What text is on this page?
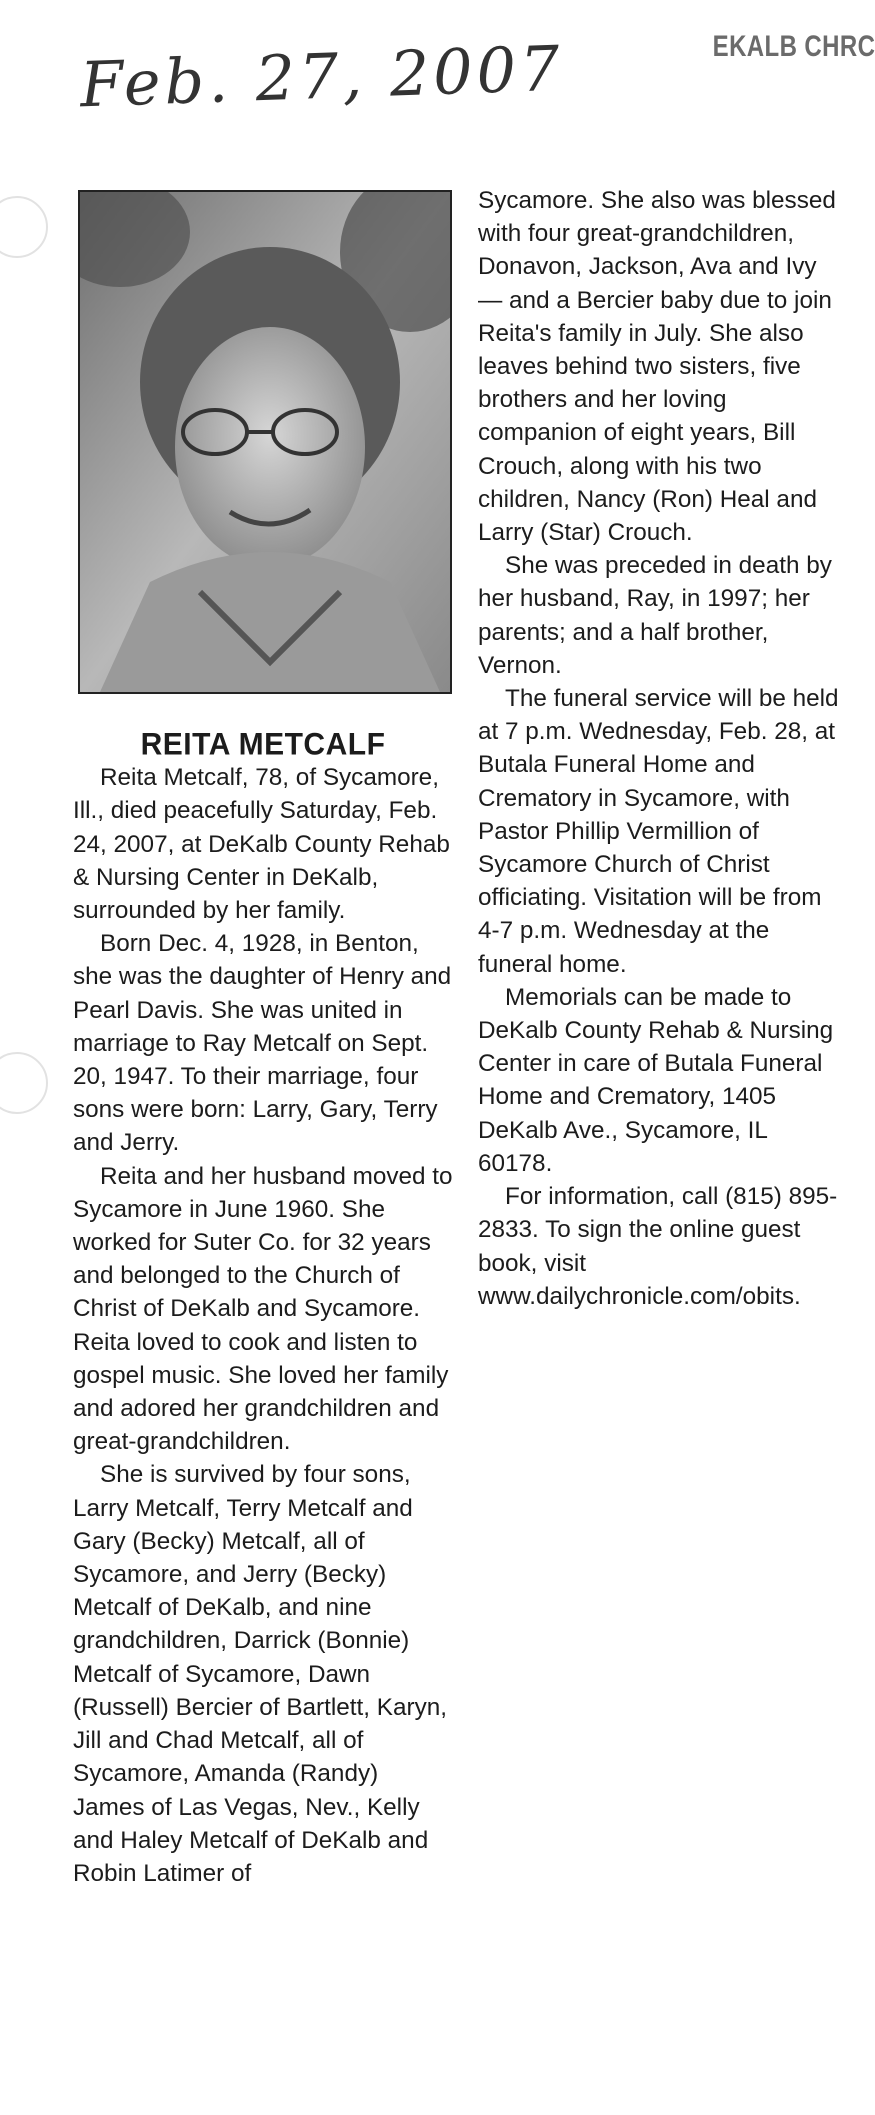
EKALB CHRC
Feb. 27, 2007

REITA METCALF

Reita Metcalf, 78, of Sycamore, Ill., died peacefully Saturday, Feb. 24, 2007, at DeKalb County Rehab & Nursing Center in DeKalb, surrounded by her family.

Born Dec. 4, 1928, in Benton, she was the daughter of Henry and Pearl Davis. She was united in marriage to Ray Metcalf on Sept. 20, 1947. To their marriage, four sons were born: Larry, Gary, Terry and Jerry.

Reita and her husband moved to Sycamore in June 1960. She worked for Suter Co. for 32 years and belonged to the Church of Christ of DeKalb and Sycamore. Reita loved to cook and listen to gospel music. She loved her family and adored her grandchildren and great-grandchildren.

She is survived by four sons, Larry Metcalf, Terry Metcalf and Gary (Becky) Metcalf, all of Sycamore, and Jerry (Becky) Metcalf of DeKalb, and nine grandchildren, Darrick (Bonnie) Metcalf of Sycamore, Dawn (Russell) Bercier of Bartlett, Karyn, Jill and Chad Metcalf, all of Sycamore, Amanda (Randy) James of Las Vegas, Nev., Kelly and Haley Metcalf of DeKalb and Robin Latimer of

Sycamore. She also was blessed with four great-grandchildren, Donavon, Jackson, Ava and Ivy — and a Bercier baby due to join Reita's family in July. She also leaves behind two sisters, five brothers and her loving companion of eight years, Bill Crouch, along with his two children, Nancy (Ron) Heal and Larry (Star) Crouch.

She was preceded in death by her husband, Ray, in 1997; her parents; and a half brother, Vernon.

The funeral service will be held at 7 p.m. Wednesday, Feb. 28, at Butala Funeral Home and Crematory in Sycamore, with Pastor Phillip Vermillion of Sycamore Church of Christ officiating. Visitation will be from 4-7 p.m. Wednesday at the funeral home.

Memorials can be made to DeKalb County Rehab & Nursing Center in care of Butala Funeral Home and Crematory, 1405 DeKalb Ave., Sycamore, IL 60178.

For information, call (815) 895-2833. To sign the online guest book, visit www.dailychronicle.com/obits.
